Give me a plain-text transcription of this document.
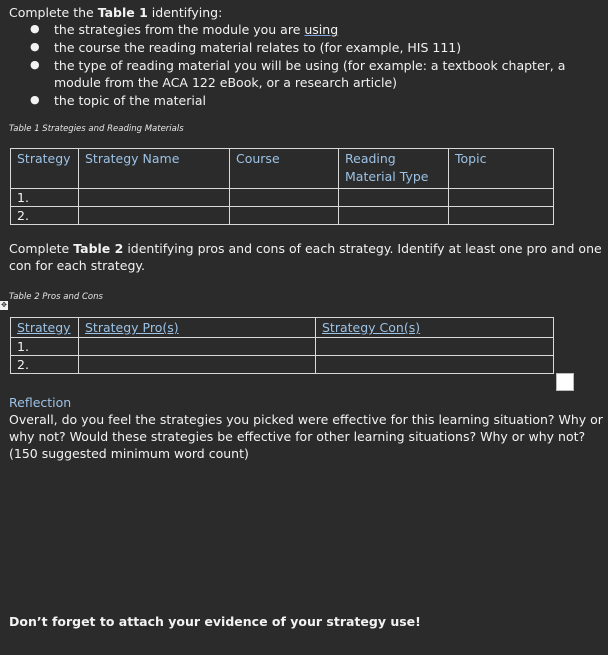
Complete the Table 1 identifying:
● the strategies from the module you are using
● the course the reading material relates to (for example, HIS 111)
● the type of reading material you will be using (for example: a textbook chapter, a
module from the ACA 122 eBook, or a research article)
● the topic of the material
Table 1 Strategies and Reading Materials
Strategy	Strategy Name	Course	Reading
Material Type	Topic
1.				
2.				
Complete Table 2 identifying pros and cons of each strategy. Identify at least one pro and one
con for each strategy.
✥
Table 2 Pros and Cons
Strategy	Strategy Pro(s)	Strategy Con(s)
1.		
2.		
Reflection
Overall, do you feel the strategies you picked were effective for this learning situation? Why or
why not? Would these strategies be effective for other learning situations? Why or why not?
(150 suggested minimum word count)
Don’t forget to attach your evidence of your strategy use!
